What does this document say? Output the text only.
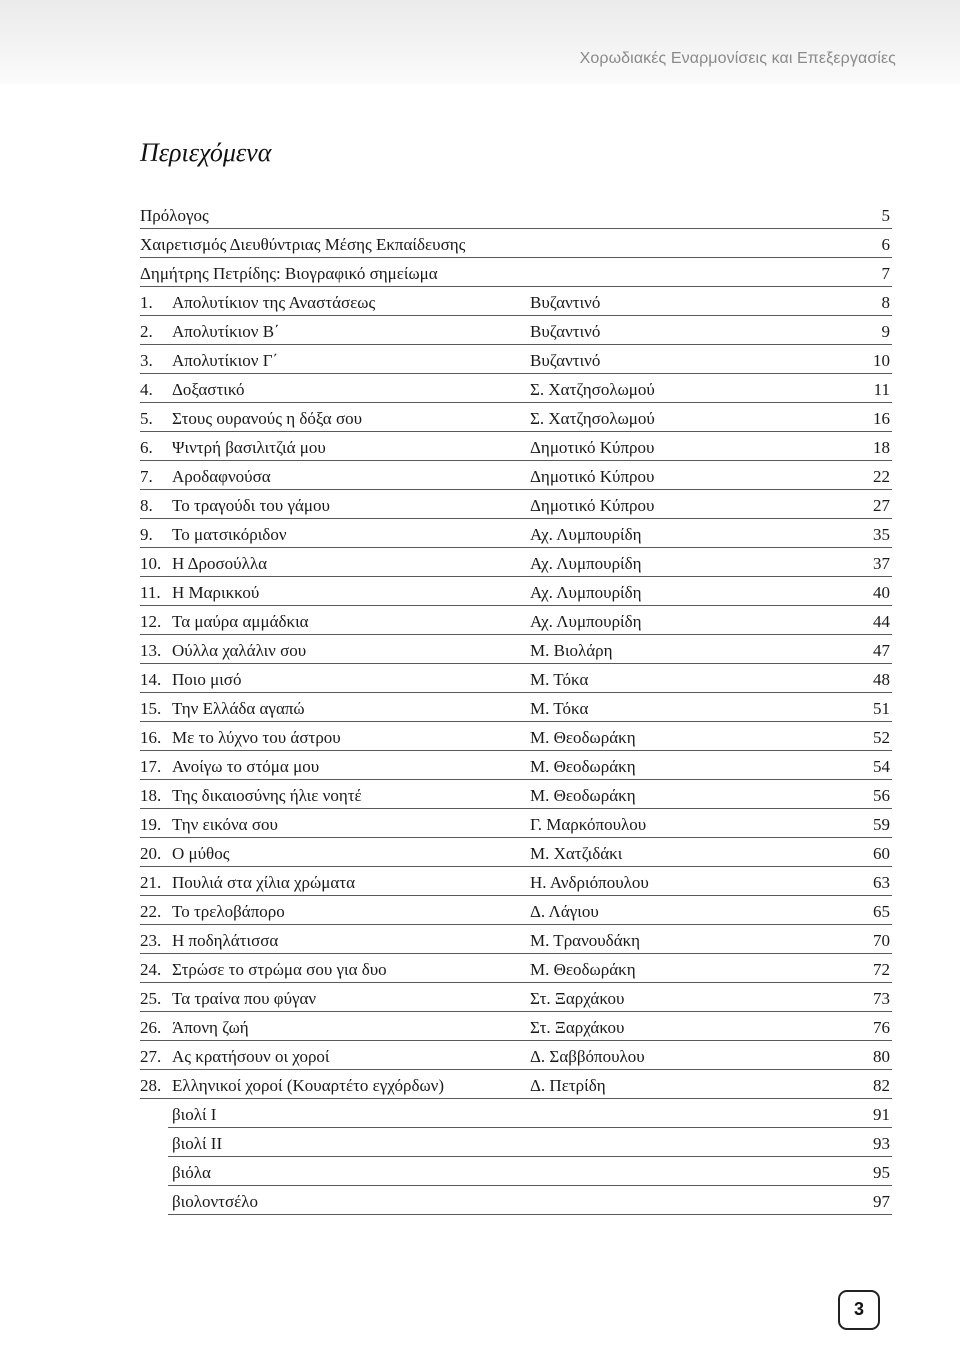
Χορωδιακές Εναρμονίσεις και Επεξεργασίες
Περιεχόμενα
Πρόλογος	5
Χαιρετισμός Διευθύντριας Μέσης Εκπαίδευσης	6
Δημήτρης Πετρίδης: Βιογραφικό σημείωμα	7
1. Απολυτίκιον της Αναστάσεως	Βυζαντινό	8
2. Απολυτίκιον Β΄	Βυζαντινό	9
3. Απολυτίκιον Γ΄	Βυζαντινό	10
4. Δοξαστικό	Σ. Χατζησολωμού	11
5. Στους ουρανούς η δόξα σου	Σ. Χατζησολωμού	16
6. Ψιντρή βασιλιτζιά μου	Δημοτικό Κύπρου	18
7. Αροδαφνούσα	Δημοτικό Κύπρου	22
8. Το τραγούδι του γάμου	Δημοτικό Κύπρου	27
9. Το ματσικόριδον	Αχ. Λυμπουρίδη	35
10. Η Δροσούλλα	Αχ. Λυμπουρίδη	37
11. Η Μαρικκού	Αχ. Λυμπουρίδη	40
12. Τα μαύρα αμμάδκια	Αχ. Λυμπουρίδη	44
13. Ούλλα χαλάλιν σου	Μ. Βιολάρη	47
14. Ποιο μισό	Μ. Τόκα	48
15. Την Ελλάδα αγαπώ	Μ. Τόκα	51
16. Με το λύχνο του άστρου	Μ. Θεοδωράκη	52
17. Ανοίγω το στόμα μου	Μ. Θεοδωράκη	54
18. Της δικαιοσύνης ήλιε νοητέ	Μ. Θεοδωράκη	56
19. Την εικόνα σου	Γ. Μαρκόπουλου	59
20. Ο μύθος	Μ. Χατζιδάκι	60
21. Πουλιά στα χίλια χρώματα	Η. Ανδριόπουλου	63
22. Το τρελοβάπορο	Δ. Λάγιου	65
23. Η ποδηλάτισσα	Μ. Τρανουδάκη	70
24. Στρώσε το στρώμα σου για δυο	Μ. Θεοδωράκη	72
25. Τα τραίνα που φύγαν	Στ. Ξαρχάκου	73
26. Άπονη ζωή	Στ. Ξαρχάκου	76
27. Ας κρατήσουν οι χοροί	Δ. Σαββόπουλου	80
28. Ελληνικοί χοροί (Κουαρτέτο εγχόρδων)	Δ. Πετρίδη	82
βιολί Ι	91
βιολί ΙΙ	93
βιόλα	95
βιολοντσέλο	97
3
